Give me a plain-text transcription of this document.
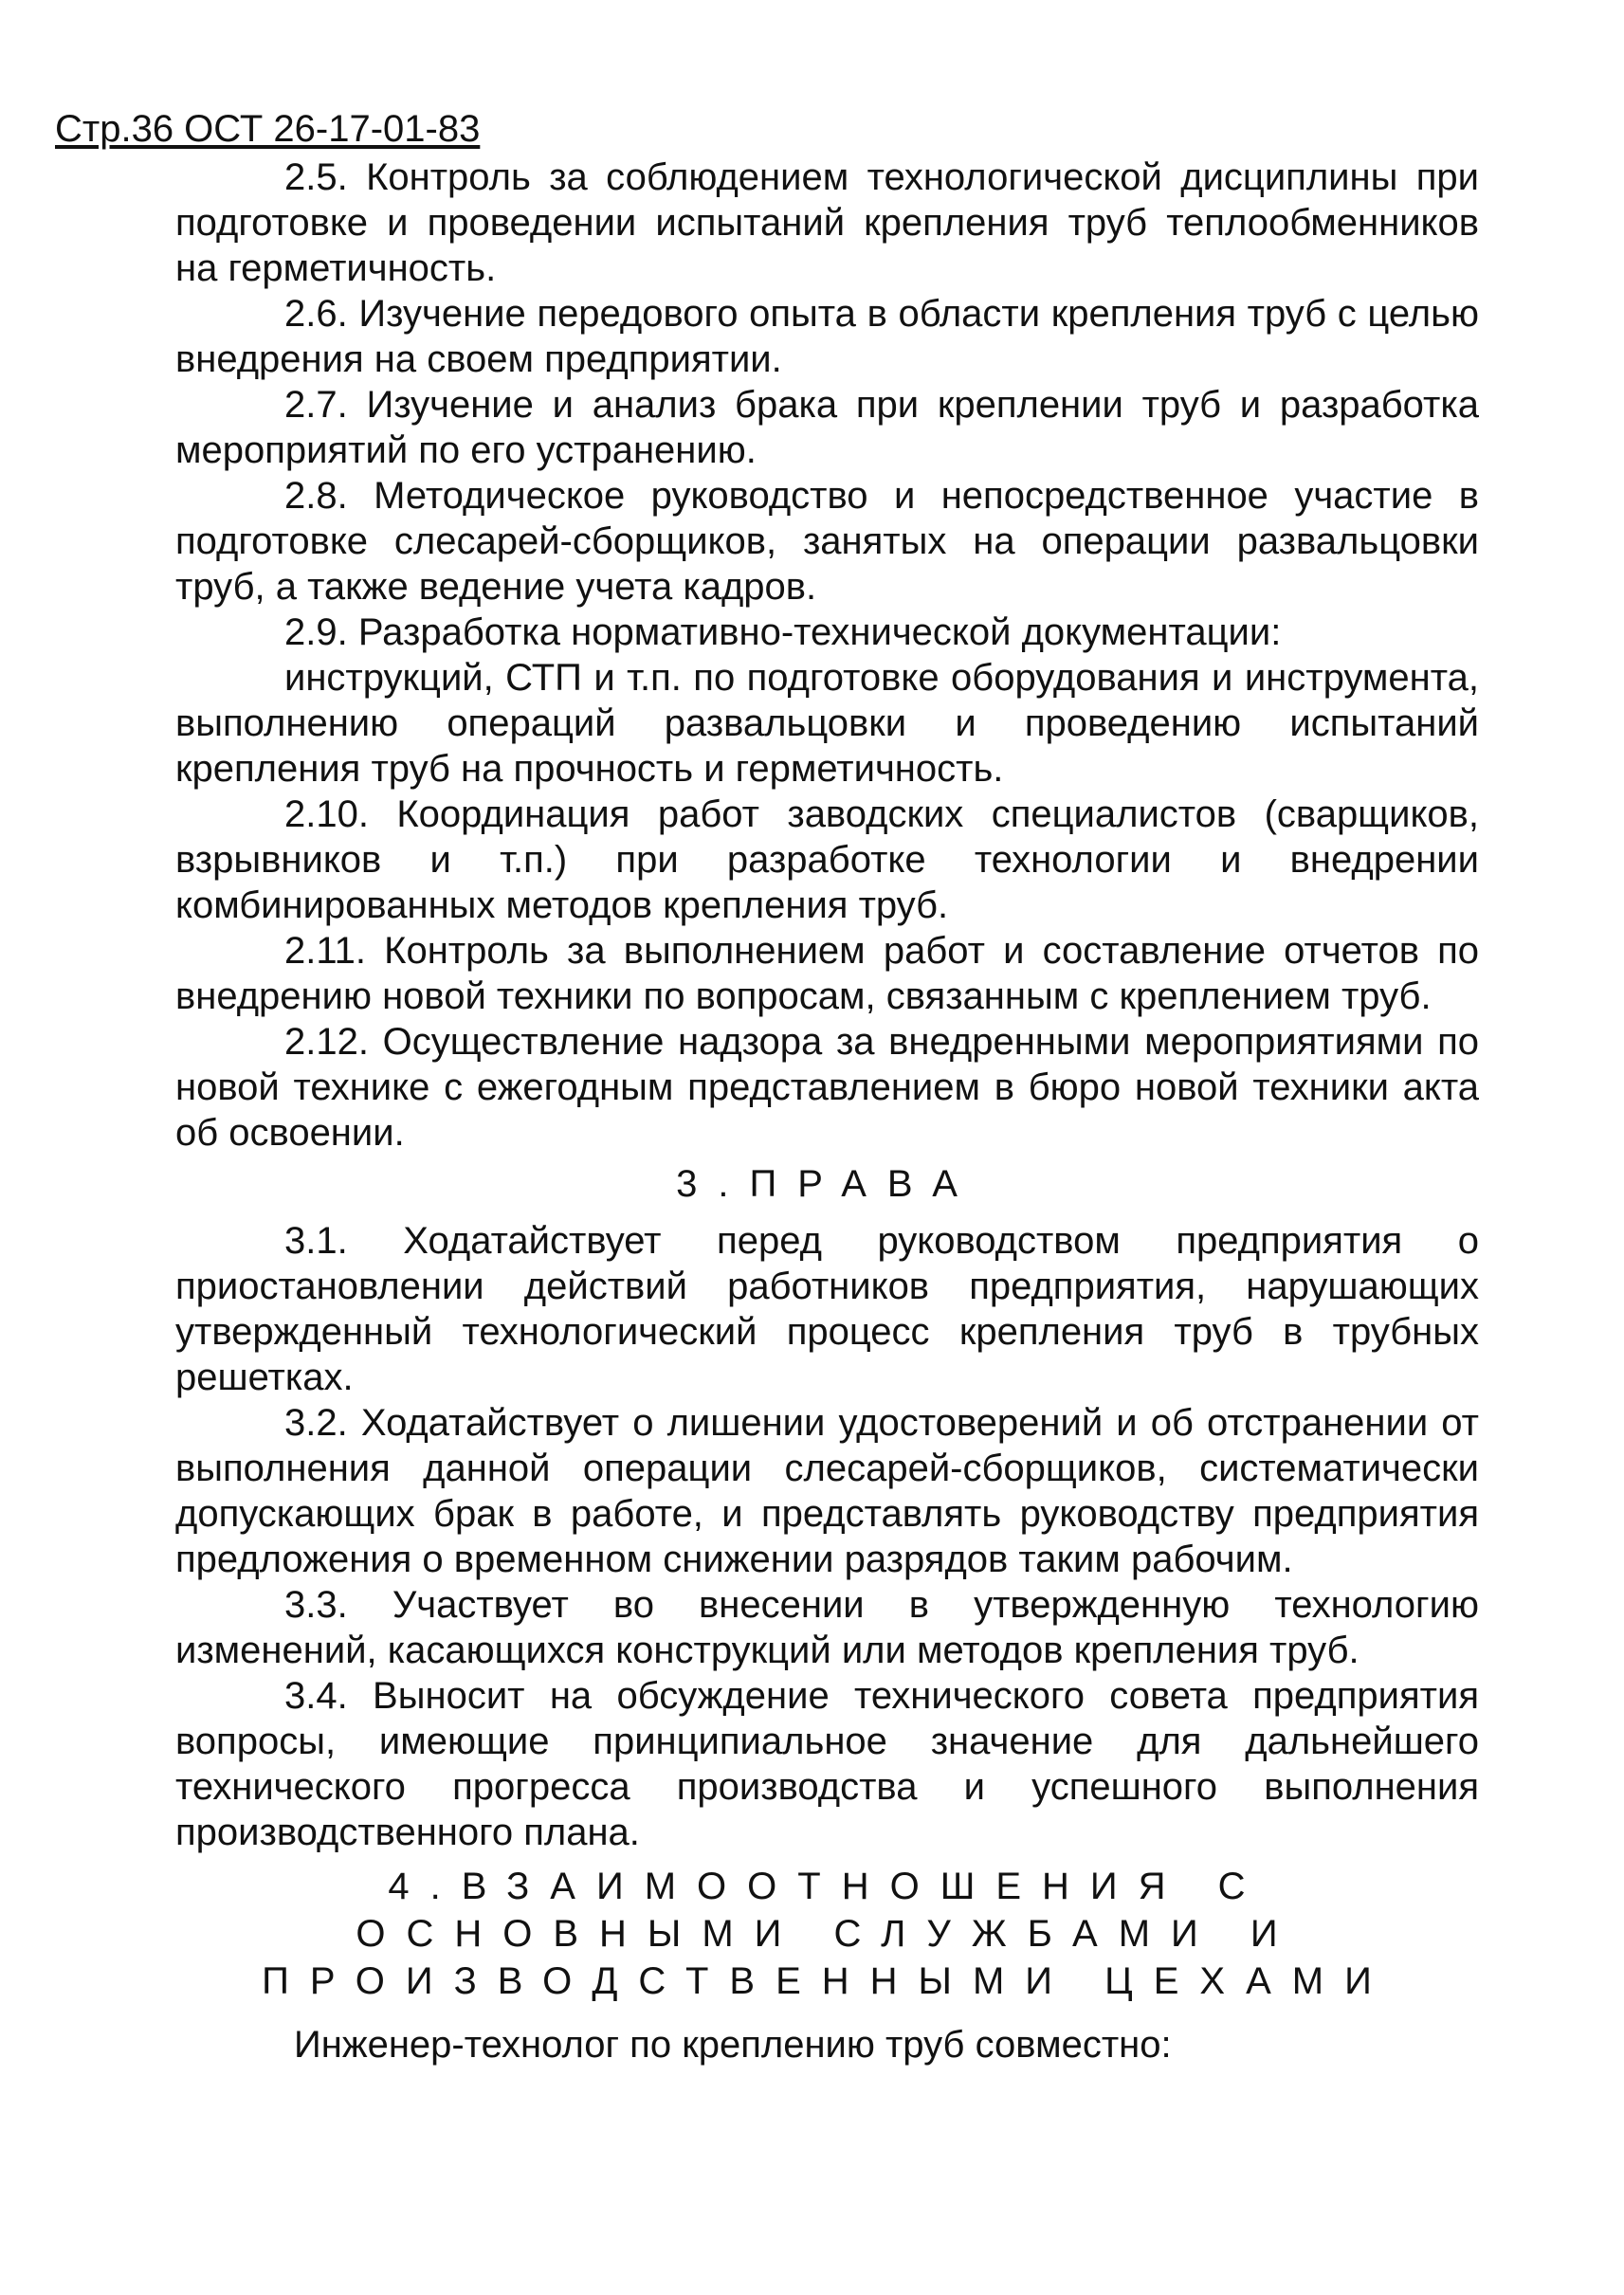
Стр.36 ОСТ 26-17-01-83

2.5. Контроль за соблюдением технологической дисциплины при подготовке и проведении испытаний крепления труб теплообменников на герметичность.

2.6. Изучение передового опыта в области крепления труб с целью внедрения на своем предприятии.

2.7. Изучение и анализ брака при креплении труб и разработка мероприятий по его устранению.

2.8. Методическое руководство и непосредственное участие в подготовке слесарей-сборщиков, занятых на операции развальцовки труб, а также ведение учета кадров.

2.9. Разработка нормативно-технической документации:

инструкций, СТП и т.п. по подготовке оборудования и инструмента, выполнению операций развальцовки и проведению испытаний крепления труб на прочность и герметичность.

2.10. Координация работ заводских специалистов (сварщиков, взрывников и т.п.) при разработке технологии и внедрении комбинированных методов крепления труб.

2.11. Контроль за выполнением работ и составление отчетов по внедрению новой техники по вопросам, связанным с креплением труб.

2.12. Осуществление надзора за внедренными мероприятиями по новой технике с ежегодным представлением в бюро новой техники акта об освоении.

3.ПРАВА

3.1. Ходатайствует перед руководством предприятия о приостановлении действий работников предприятия, нарушающих утвержденный технологический процесс крепления труб в трубных решетках.

3.2. Ходатайствует о лишении удостоверений и об отстранении от выполнения данной операции слесарей-сборщиков, систематически допускающих брак в работе, и представлять руководству предприятия предложения о временном снижении разрядов таким рабочим.

3.3. Участвует во внесении в утвержденную технологию изменений, касающихся конструкций или методов крепления труб.

3.4. Выносит на обсуждение технического совета предприятия вопросы, имеющие принципиальное значение для дальнейшего технического прогресса производства и успешного выполнения производственного плана.

4.ВЗАИМООТНОШЕНИЯ С
ОСНОВНЫМИ СЛУЖБАМИ И
ПРОИЗВОДСТВЕННЫМИ ЦЕХАМИ

Инженер-технолог по креплению труб совместно:
